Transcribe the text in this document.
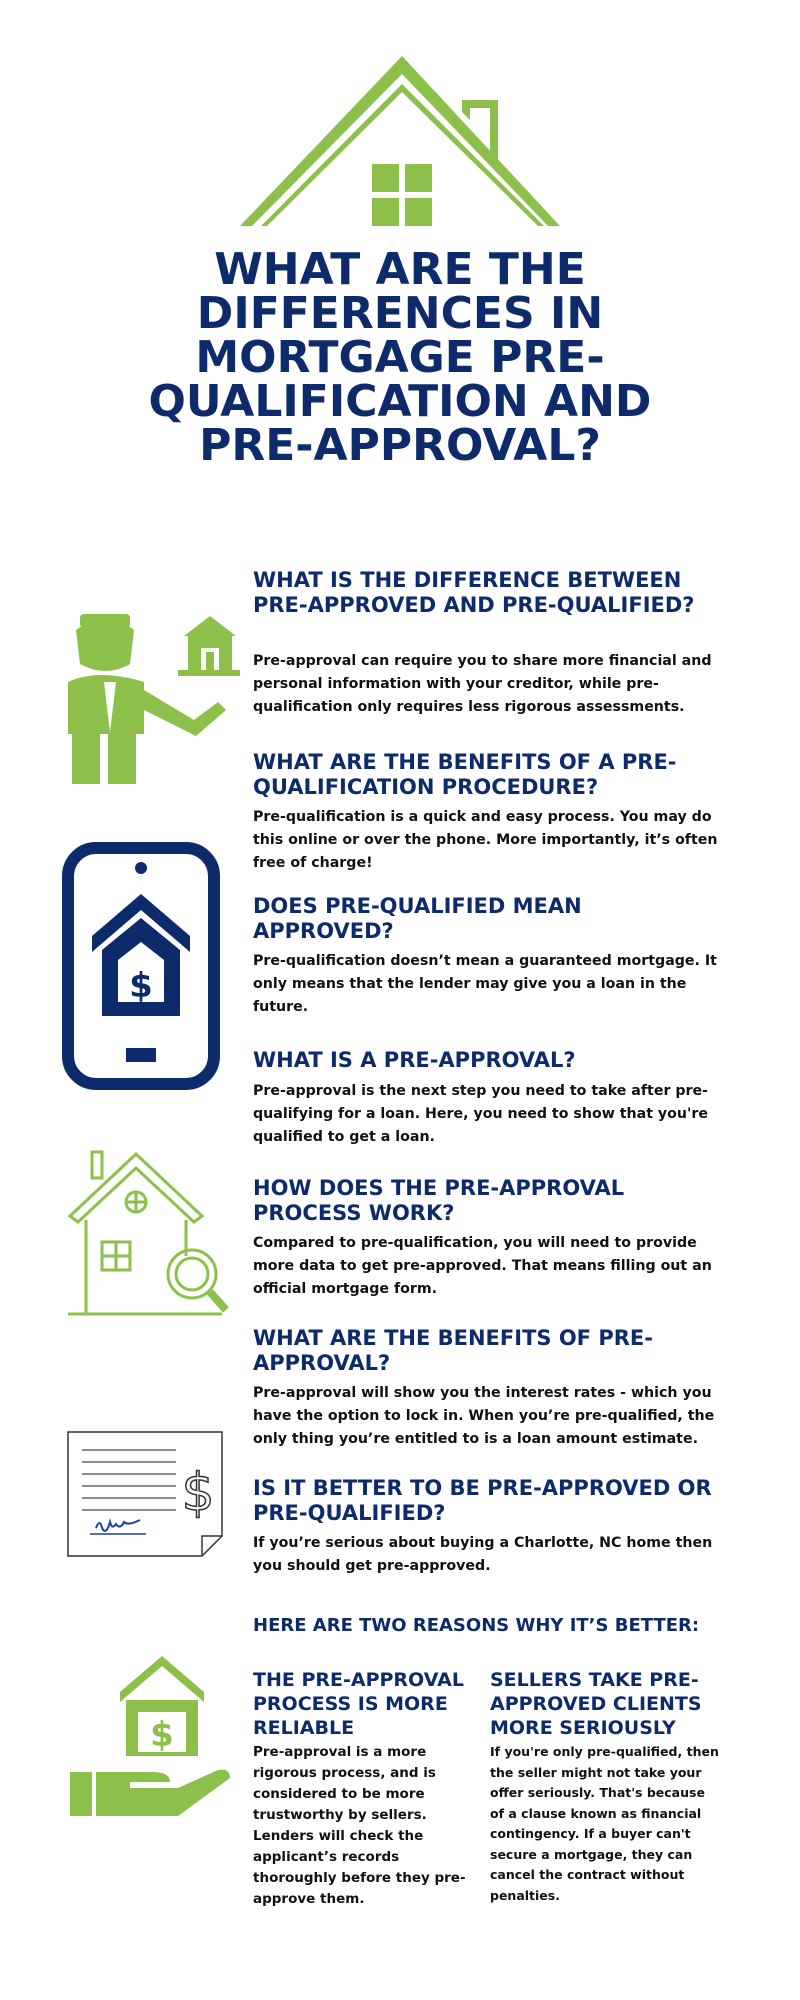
WHAT ARE THE DIFFERENCES IN MORTGAGE PRE-QUALIFICATION AND PRE-APPROVAL?
$
$
$
WHAT IS THE DIFFERENCE BETWEEN PRE-APPROVED AND PRE-QUALIFIED?
Pre-approval can require you to share more financial and personal information with your creditor, while pre-qualification only requires less rigorous assessments.
WHAT ARE THE BENEFITS OF A PRE-QUALIFICATION PROCEDURE?
Pre-qualification is a quick and easy process. You may do this online or over the phone. More importantly, it’s often free of charge!
DOES PRE-QUALIFIED MEAN APPROVED?
Pre-qualification doesn’t mean a guaranteed mortgage. It only means that the lender may give you a loan in the future.
WHAT IS A PRE-APPROVAL?
Pre-approval is the next step you need to take after pre-qualifying for a loan. Here, you need to show that you're qualified to get a loan.
HOW DOES THE PRE-APPROVAL PROCESS WORK?
Compared to pre-qualification, you will need to provide more data to get pre-approved. That means filling out an official mortgage form.
WHAT ARE THE BENEFITS OF PRE-APPROVAL?
Pre-approval will show you the interest rates - which you have the option to lock in. When you’re pre-qualified, the only thing you’re entitled to is a loan amount estimate.
IS IT BETTER TO BE PRE-APPROVED OR PRE-QUALIFIED?
If you’re serious about buying a Charlotte, NC home then you should get pre-approved.
HERE ARE TWO REASONS WHY IT’S BETTER:
THE PRE-APPROVAL PROCESS IS MORE RELIABLE
Pre-approval is a more rigorous process, and is considered to be more trustworthy by sellers. Lenders will check the applicant’s records thoroughly before they pre-approve them.
SELLERS TAKE PRE-APPROVED CLIENTS MORE SERIOUSLY
If you're only pre-qualified, then the seller might not take your offer seriously. That's because of a clause known as financial contingency. If a buyer can't secure a mortgage, they can cancel the contract without penalties.
